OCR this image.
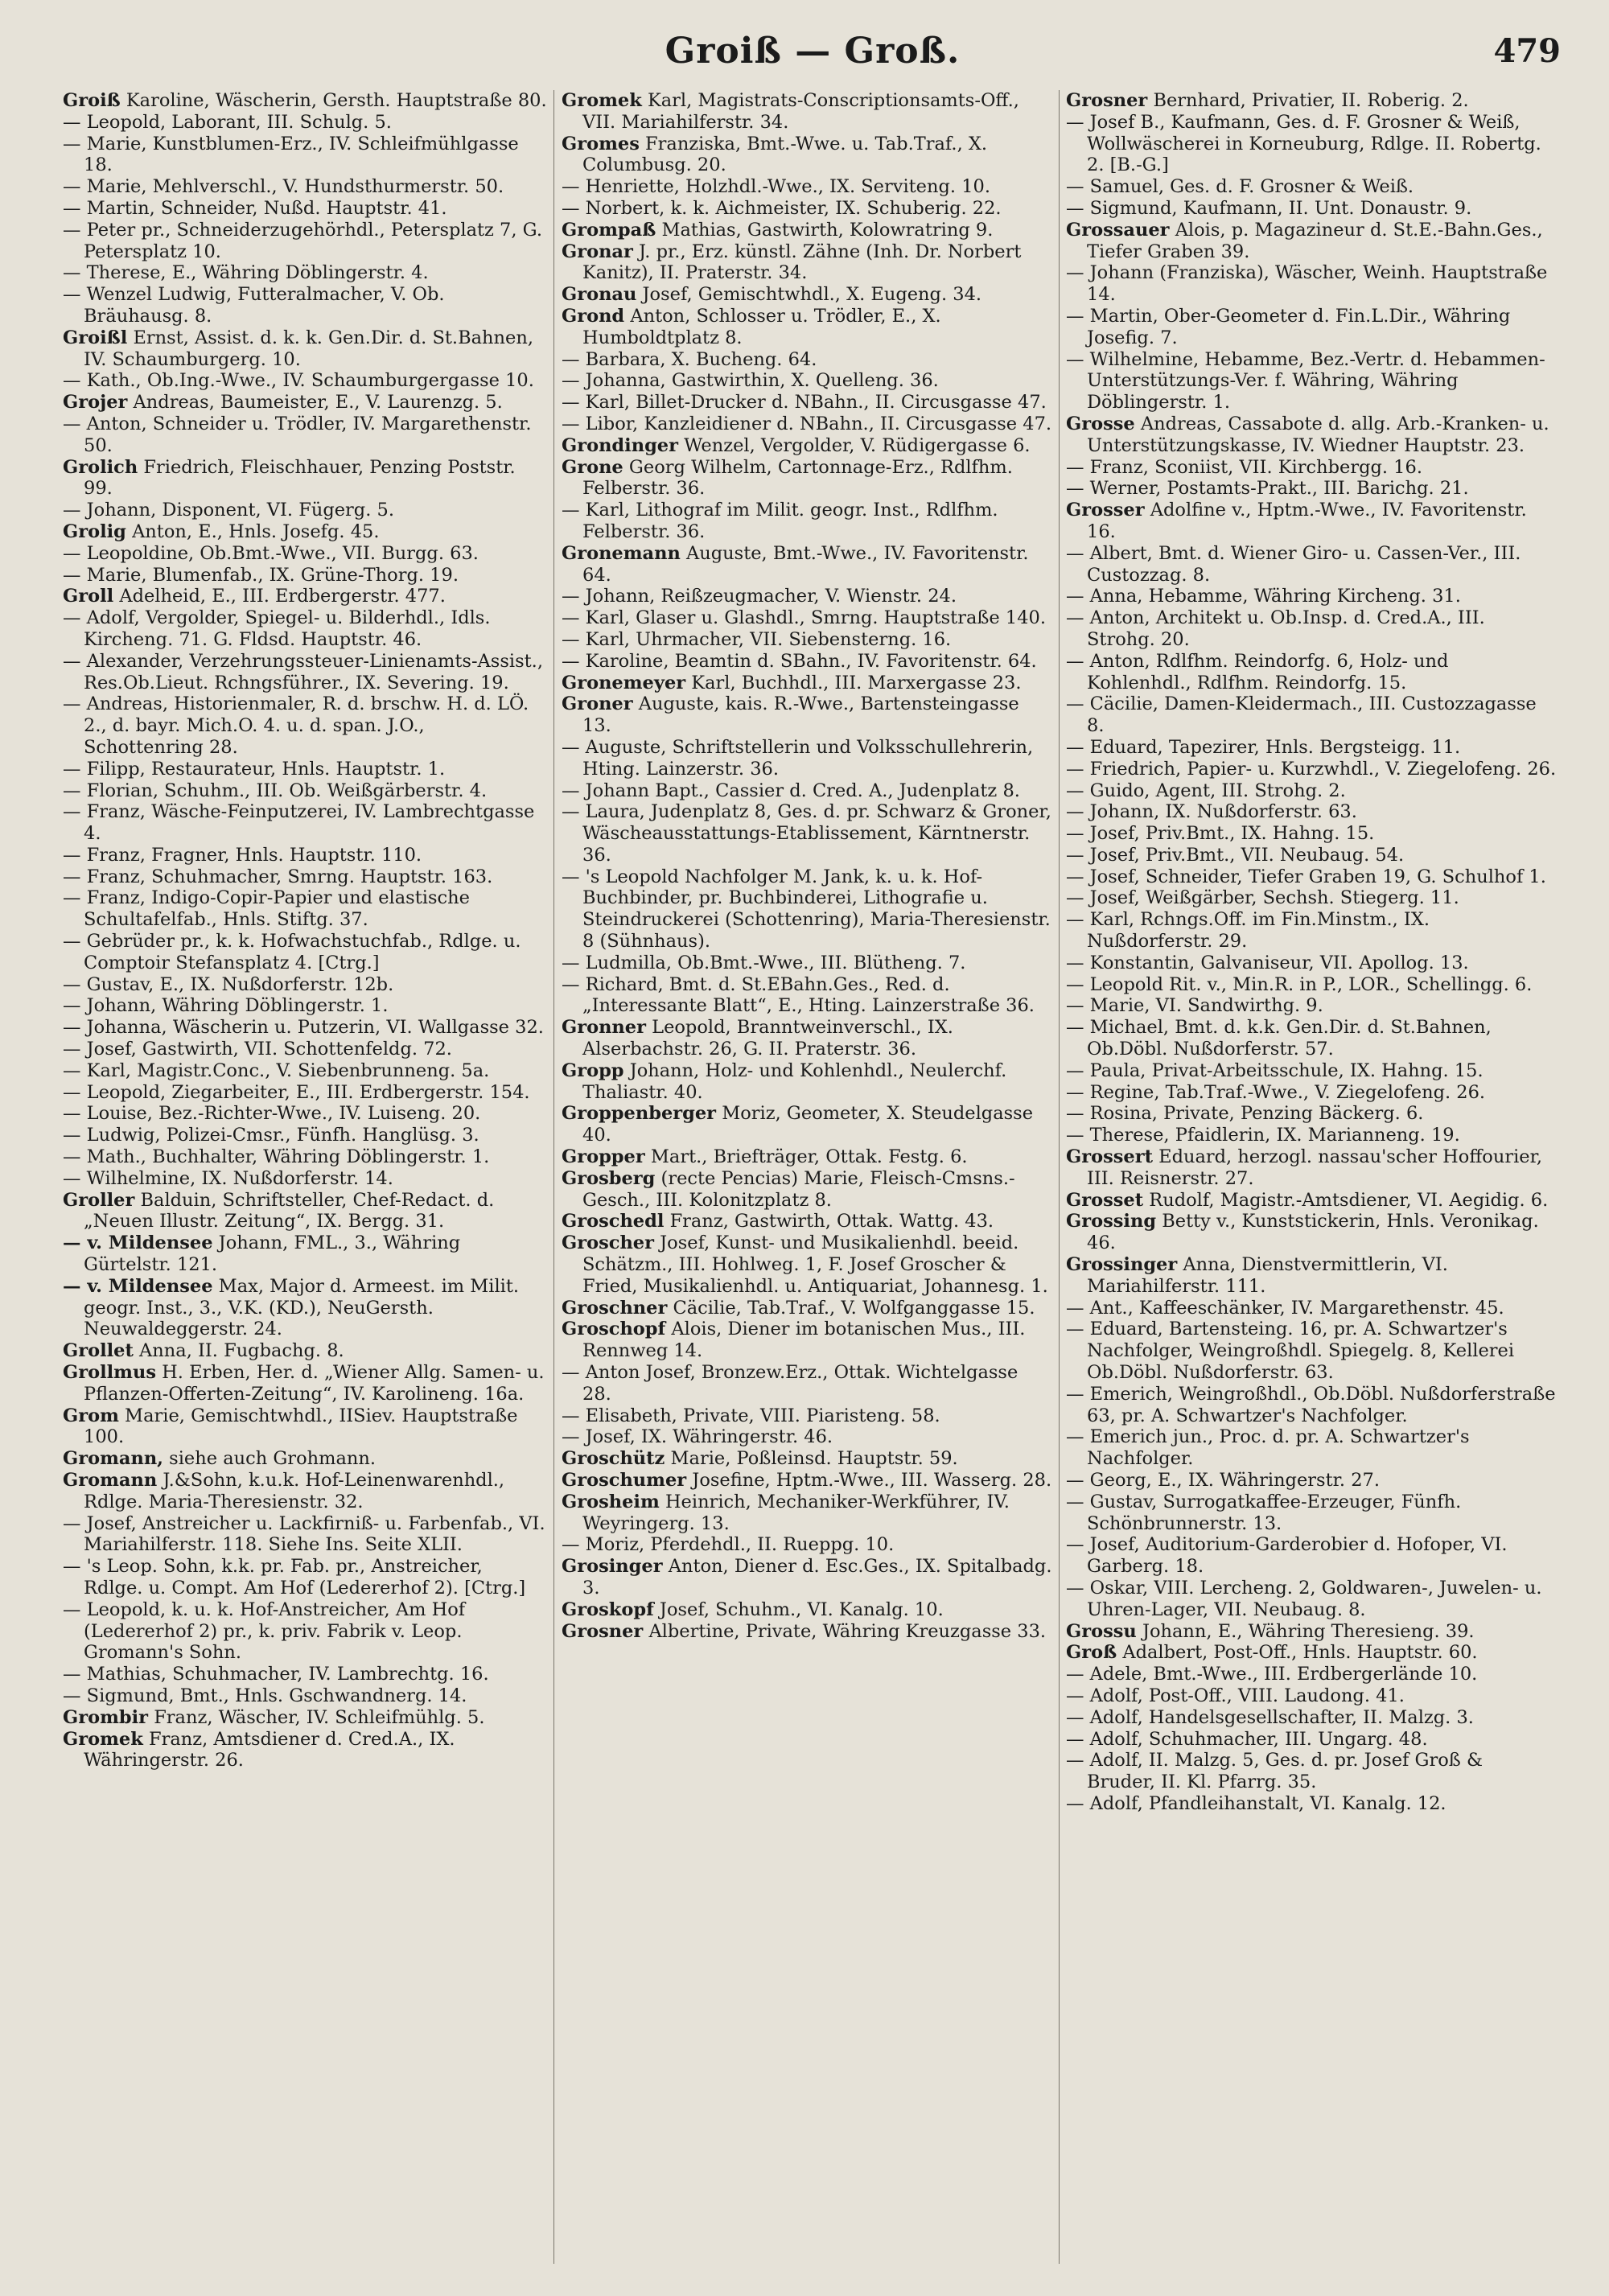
Groiß — Groß.	479

Groiß Karoline, Wäscherin, Gersth. Hauptstraße 80.

— Leopold, Laborant, III. Schulg. 5.

— Marie, Kunstblumen-Erz., IV. Schleifmühlgasse 18.

— Marie, Mehlverschl., V. Hundsthurmerstr. 50.

— Martin, Schneider, Nußd. Hauptstr. 41.

— Peter pr., Schneiderzugehörhdl., Petersplatz 7, G. Petersplatz 10.

— Therese, E., Währing Döblingerstr. 4.

— Wenzel Ludwig, Futteralmacher, V. Ob. Bräuhausg. 8.

Groißl Ernst, Assist. d. k. k. Gen.Dir. d. St.Bahnen, IV. Schaumburgerg. 10.

— Kath., Ob.Ing.-Wwe., IV. Schaumburgergasse 10.

Grojer Andreas, Baumeister, E., V. Laurenzg. 5.

— Anton, Schneider u. Trödler, IV. Margarethenstr. 50.

Grolich Friedrich, Fleischhauer, Penzing Poststr. 99.

— Johann, Disponent, VI. Fügerg. 5.

Grolig Anton, E., Hnls. Josefg. 45.

— Leopoldine, Ob.Bmt.-Wwe., VII. Burgg. 63.

— Marie, Blumenfab., IX. Grüne-Thorg. 19.

Groll Adelheid, E., III. Erdbergerstr. 477.

— Adolf, Vergolder, Spiegel- u. Bilderhdl., Idls. Kircheng. 71. G. Fldsd. Hauptstr. 46.

— Alexander, Verzehrungssteuer-Linienamts-Assist., Res.Ob.Lieut. Rchngsführer., IX. Severing. 19.

— Andreas, Historienmaler, R. d. brschw. H. d. LÖ. 2., d. bayr. Mich.O. 4. u. d. span. J.O., Schottenring 28.

— Filipp, Restaurateur, Hnls. Hauptstr. 1.

— Florian, Schuhm., III. Ob. Weißgärberstr. 4.

— Franz, Wäsche-Feinputzerei, IV. Lambrechtgasse 4.

— Franz, Fragner, Hnls. Hauptstr. 110.

— Franz, Schuhmacher, Smrng. Hauptstr. 163.

— Franz, Indigo-Copir-Papier und elastische Schultafelfab., Hnls. Stiftg. 37.

— Gebrüder pr., k. k. Hofwachstuchfab., Rdlge. u. Comptoir Stefansplatz 4. [Ctrg.]

— Gustav, E., IX. Nußdorferstr. 12b.

— Johann, Währing Döblingerstr. 1.

— Johanna, Wäscherin u. Putzerin, VI. Wallgasse 32.

— Josef, Gastwirth, VII. Schottenfeldg. 72.

— Karl, Magistr.Conc., V. Siebenbrunneng. 5a.

— Leopold, Ziegarbeiter, E., III. Erdbergerstr. 154.

— Louise, Bez.-Richter-Wwe., IV. Luiseng. 20.

— Ludwig, Polizei-Cmsr., Fünfh. Hanglüsg. 3.

— Math., Buchhalter, Währing Döblingerstr. 1.

— Wilhelmine, IX. Nußdorferstr. 14.

Groller Balduin, Schriftsteller, Chef-Redact. d. „Neuen Illustr. Zeitung“, IX. Bergg. 31.

— v. Mildensee Johann, FML., 3., Währing Gürtelstr. 121.

— v. Mildensee Max, Major d. Armeest. im Milit. geogr. Inst., 3., V.K. (KD.), NeuGersth. Neuwaldeggerstr. 24.

Grollet Anna, II. Fugbachg. 8.

Grollmus H. Erben, Her. d. „Wiener Allg. Samen- u. Pflanzen-Offerten-Zeitung“, IV. Karolineng. 16a.

Grom Marie, Gemischtwhdl., IISiev. Hauptstraße 100.

Gromann, siehe auch Grohmann.

Gromann J.&Sohn, k.u.k. Hof-Leinenwarenhdl., Rdlge. Maria-Theresienstr. 32.

— Josef, Anstreicher u. Lackfirniß- u. Farbenfab., VI. Mariahilferstr. 118. Siehe Ins. Seite XLII.

— 's Leop. Sohn, k.k. pr. Fab. pr., Anstreicher, Rdlge. u. Compt. Am Hof (Ledererhof 2). [Ctrg.]

— Leopold, k. u. k. Hof-Anstreicher, Am Hof (Ledererhof 2) pr., k. priv. Fabrik v. Leop. Gromann's Sohn.

— Mathias, Schuhmacher, IV. Lambrechtg. 16.

— Sigmund, Bmt., Hnls. Gschwandnerg. 14.

Grombir Franz, Wäscher, IV. Schleifmühlg. 5.

Gromek Franz, Amtsdiener d. Cred.A., IX. Währingerstr. 26.

Gromek Karl, Magistrats-Conscriptionsamts-Off., VII. Mariahilferstr. 34.

Gromes Franziska, Bmt.-Wwe. u. Tab.Traf., X. Columbusg. 20.

— Henriette, Holzhdl.-Wwe., IX. Serviteng. 10.

— Norbert, k. k. Aichmeister, IX. Schuberig. 22.

Grompaß Mathias, Gastwirth, Kolowratring 9.

Gronar J. pr., Erz. künstl. Zähne (Inh. Dr. Norbert Kanitz), II. Praterstr. 34.

Gronau Josef, Gemischtwhdl., X. Eugeng. 34.

Grond Anton, Schlosser u. Trödler, E., X. Humboldtplatz 8.

— Barbara, X. Bucheng. 64.

— Johanna, Gastwirthin, X. Quelleng. 36.

— Karl, Billet-Drucker d. NBahn., II. Circusgasse 47.

— Libor, Kanzleidiener d. NBahn., II. Circusgasse 47.

Grondinger Wenzel, Vergolder, V. Rüdigergasse 6.

Grone Georg Wilhelm, Cartonnage-Erz., Rdlfhm. Felberstr. 36.

— Karl, Lithograf im Milit. geogr. Inst., Rdlfhm. Felberstr. 36.

Gronemann Auguste, Bmt.-Wwe., IV. Favoritenstr. 64.

— Johann, Reißzeugmacher, V. Wienstr. 24.

— Karl, Glaser u. Glashdl., Smrng. Hauptstraße 140.

— Karl, Uhrmacher, VII. Siebensterng. 16.

— Karoline, Beamtin d. SBahn., IV. Favoritenstr. 64.

Gronemeyer Karl, Buchhdl., III. Marxergasse 23.

Groner Auguste, kais. R.-Wwe., Bartensteingasse 13.

— Auguste, Schriftstellerin und Volksschullehrerin, Hting. Lainzerstr. 36.

— Johann Bapt., Cassier d. Cred. A., Judenplatz 8.

— Laura, Judenplatz 8, Ges. d. pr. Schwarz & Groner, Wäscheausstattungs-Etablissement, Kärntnerstr. 36.

— 's Leopold Nachfolger M. Jank, k. u. k. Hof-Buchbinder, pr. Buchbinderei, Lithografie u. Steindruckerei (Schottenring), Maria-Theresienstr. 8 (Sühnhaus).

— Ludmilla, Ob.Bmt.-Wwe., III. Blütheng. 7.

— Richard, Bmt. d. St.EBahn.Ges., Red. d. „Interessante Blatt“, E., Hting. Lainzerstraße 36.

Gronner Leopold, Branntweinverschl., IX. Alserbachstr. 26, G. II. Praterstr. 36.

Gropp Johann, Holz- und Kohlenhdl., Neulerchf. Thaliastr. 40.

Groppenberger Moriz, Geometer, X. Steudelgasse 40.

Gropper Mart., Briefträger, Ottak. Festg. 6.

Grosberg (recte Pencias) Marie, Fleisch-Cmsns.-Gesch., III. Kolonitzplatz 8.

Groschedl Franz, Gastwirth, Ottak. Wattg. 43.

Groscher Josef, Kunst- und Musikalienhdl. beeid. Schätzm., III. Hohlweg. 1, F. Josef Groscher & Fried, Musikalienhdl. u. Antiquariat, Johannesg. 1.

Groschner Cäcilie, Tab.Traf., V. Wolfganggasse 15.

Groschopf Alois, Diener im botanischen Mus., III. Rennweg 14.

— Anton Josef, Bronzew.Erz., Ottak. Wichtelgasse 28.

— Elisabeth, Private, VIII. Piaristeng. 58.

— Josef, IX. Währingerstr. 46.

Groschütz Marie, Poßleinsd. Hauptstr. 59.

Groschumer Josefine, Hptm.-Wwe., III. Wasserg. 28.

Grosheim Heinrich, Mechaniker-Werkführer, IV. Weyringerg. 13.

— Moriz, Pferdehdl., II. Rueppg. 10.

Grosinger Anton, Diener d. Esc.Ges., IX. Spitalbadg. 3.

Groskopf Josef, Schuhm., VI. Kanalg. 10.

Grosner Albertine, Private, Währing Kreuzgasse 33.

Grosner Bernhard, Privatier, II. Roberig. 2.

— Josef B., Kaufmann, Ges. d. F. Grosner & Weiß, Wollwäscherei in Korneuburg, Rdlge. II. Robertg. 2. [B.-G.]

— Samuel, Ges. d. F. Grosner & Weiß.

— Sigmund, Kaufmann, II. Unt. Donaustr. 9.

Grossauer Alois, p. Magazineur d. St.E.-Bahn.Ges., Tiefer Graben 39.

— Johann (Franziska), Wäscher, Weinh. Hauptstraße 14.

— Martin, Ober-Geometer d. Fin.L.Dir., Währing Josefig. 7.

— Wilhelmine, Hebamme, Bez.-Vertr. d. Hebammen-Unterstützungs-Ver. f. Währing, Währing Döblingerstr. 1.

Grosse Andreas, Cassabote d. allg. Arb.-Kranken- u. Unterstützungskasse, IV. Wiedner Hauptstr. 23.

— Franz, Sconiist, VII. Kirchbergg. 16.

— Werner, Postamts-Prakt., III. Barichg. 21.

Grosser Adolfine v., Hptm.-Wwe., IV. Favoritenstr. 16.

— Albert, Bmt. d. Wiener Giro- u. Cassen-Ver., III. Custozzag. 8.

— Anna, Hebamme, Währing Kircheng. 31.

— Anton, Architekt u. Ob.Insp. d. Cred.A., III. Strohg. 20.

— Anton, Rdlfhm. Reindorfg. 6, Holz- und Kohlenhdl., Rdlfhm. Reindorfg. 15.

— Cäcilie, Damen-Kleidermach., III. Custozzagasse 8.

— Eduard, Tapezirer, Hnls. Bergsteigg. 11.

— Friedrich, Papier- u. Kurzwhdl., V. Ziegelofeng. 26.

— Guido, Agent, III. Strohg. 2.

— Johann, IX. Nußdorferstr. 63.

— Josef, Priv.Bmt., IX. Hahng. 15.

— Josef, Priv.Bmt., VII. Neubaug. 54.

— Josef, Schneider, Tiefer Graben 19, G. Schulhof 1.

— Josef, Weißgärber, Sechsh. Stiegerg. 11.

— Karl, Rchngs.Off. im Fin.Minstm., IX. Nußdorferstr. 29.

— Konstantin, Galvaniseur, VII. Apollog. 13.

— Leopold Rit. v., Min.R. in P., LOR., Schellingg. 6.

— Marie, VI. Sandwirthg. 9.

— Michael, Bmt. d. k.k. Gen.Dir. d. St.Bahnen, Ob.Döbl. Nußdorferstr. 57.

— Paula, Privat-Arbeitsschule, IX. Hahng. 15.

— Regine, Tab.Traf.-Wwe., V. Ziegelofeng. 26.

— Rosina, Private, Penzing Bäckerg. 6.

— Therese, Pfaidlerin, IX. Marianneng. 19.

Grossert Eduard, herzogl. nassau'scher Hoffourier, III. Reisnerstr. 27.

Grosset Rudolf, Magistr.-Amtsdiener, VI. Aegidig. 6.

Grossing Betty v., Kunststickerin, Hnls. Veronikag. 46.

Grossinger Anna, Dienstvermittlerin, VI. Mariahilferstr. 111.

— Ant., Kaffeeschänker, IV. Margarethenstr. 45.

— Eduard, Bartensteing. 16, pr. A. Schwartzer's Nachfolger, Weingroßhdl. Spiegelg. 8, Kellerei Ob.Döbl. Nußdorferstr. 63.

— Emerich, Weingroßhdl., Ob.Döbl. Nußdorferstraße 63, pr. A. Schwartzer's Nachfolger.

— Emerich jun., Proc. d. pr. A. Schwartzer's Nachfolger.

— Georg, E., IX. Währingerstr. 27.

— Gustav, Surrogatkaffee-Erzeuger, Fünfh. Schönbrunnerstr. 13.

— Josef, Auditorium-Garderobier d. Hofoper, VI. Garberg. 18.

— Oskar, VIII. Lercheng. 2, Goldwaren-, Juwelen- u. Uhren-Lager, VII. Neubaug. 8.

Grossu Johann, E., Währing Theresieng. 39.

Groß Adalbert, Post-Off., Hnls. Hauptstr. 60.

— Adele, Bmt.-Wwe., III. Erdbergerlände 10.

— Adolf, Post-Off., VIII. Laudong. 41.

— Adolf, Handelsgesellschafter, II. Malzg. 3.

— Adolf, Schuhmacher, III. Ungarg. 48.

— Adolf, II. Malzg. 5, Ges. d. pr. Josef Groß & Bruder, II. Kl. Pfarrg. 35.

— Adolf, Pfandleihanstalt, VI. Kanalg. 12.
